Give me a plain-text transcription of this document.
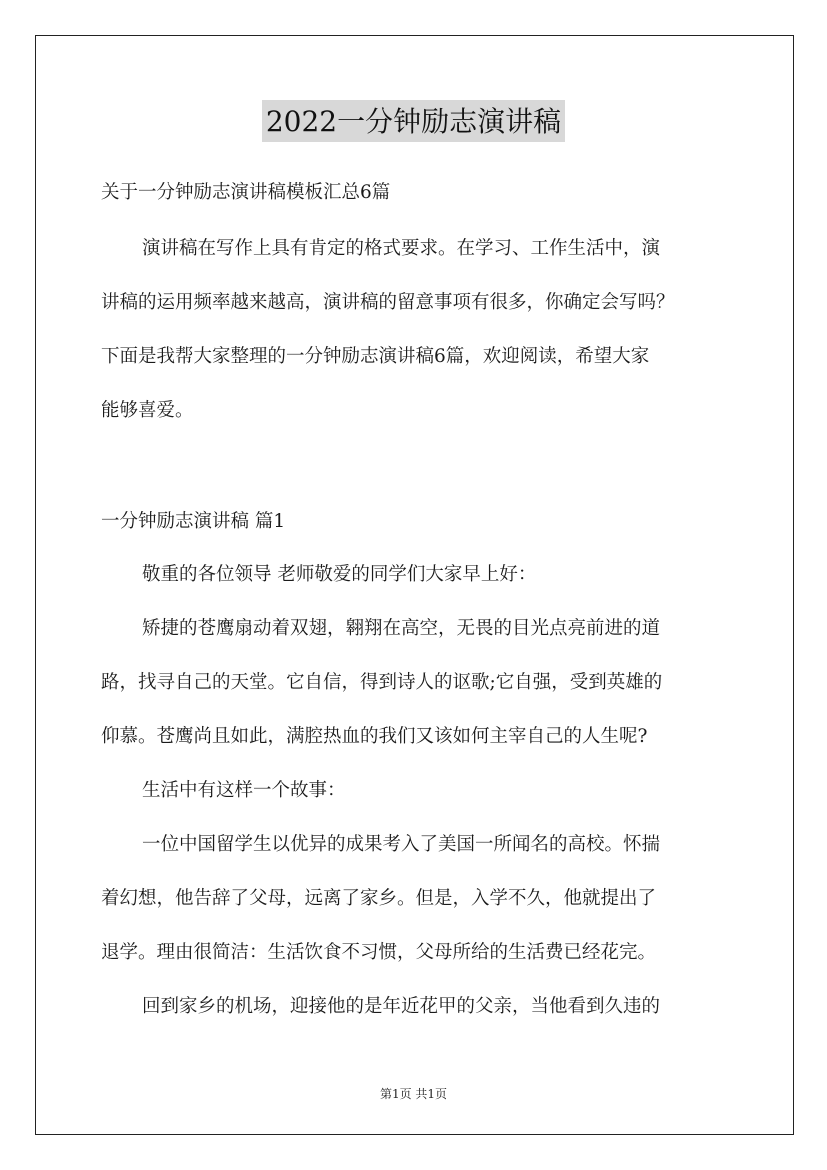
2022一分钟励志演讲稿
关于一分钟励志演讲稿模板汇总6篇
演讲稿在写作上具有肯定的格式要求。在学习、工作生活中，演
讲稿的运用频率越来越高，演讲稿的留意事项有很多，你确定会写吗？
下面是我帮大家整理的一分钟励志演讲稿6篇，欢迎阅读，希望大家
能够喜爱。
一分钟励志演讲稿 篇1
敬重的各位领导 老师敬爱的同学们大家早上好：
矫捷的苍鹰扇动着双翅，翱翔在高空，无畏的目光点亮前进的道
路，找寻自己的天堂。它自信，得到诗人的讴歌;它自强，受到英雄的
仰慕。苍鹰尚且如此，满腔热血的我们又该如何主宰自己的人生呢?
生活中有这样一个故事：
一位中国留学生以优异的成果考入了美国一所闻名的高校。怀揣
着幻想，他告辞了父母，远离了家乡。但是，入学不久，他就提出了
退学。理由很简洁：生活饮食不习惯，父母所给的生活费已经花完。
回到家乡的机场，迎接他的是年近花甲的父亲，当他看到久违的
第1页 共1页
